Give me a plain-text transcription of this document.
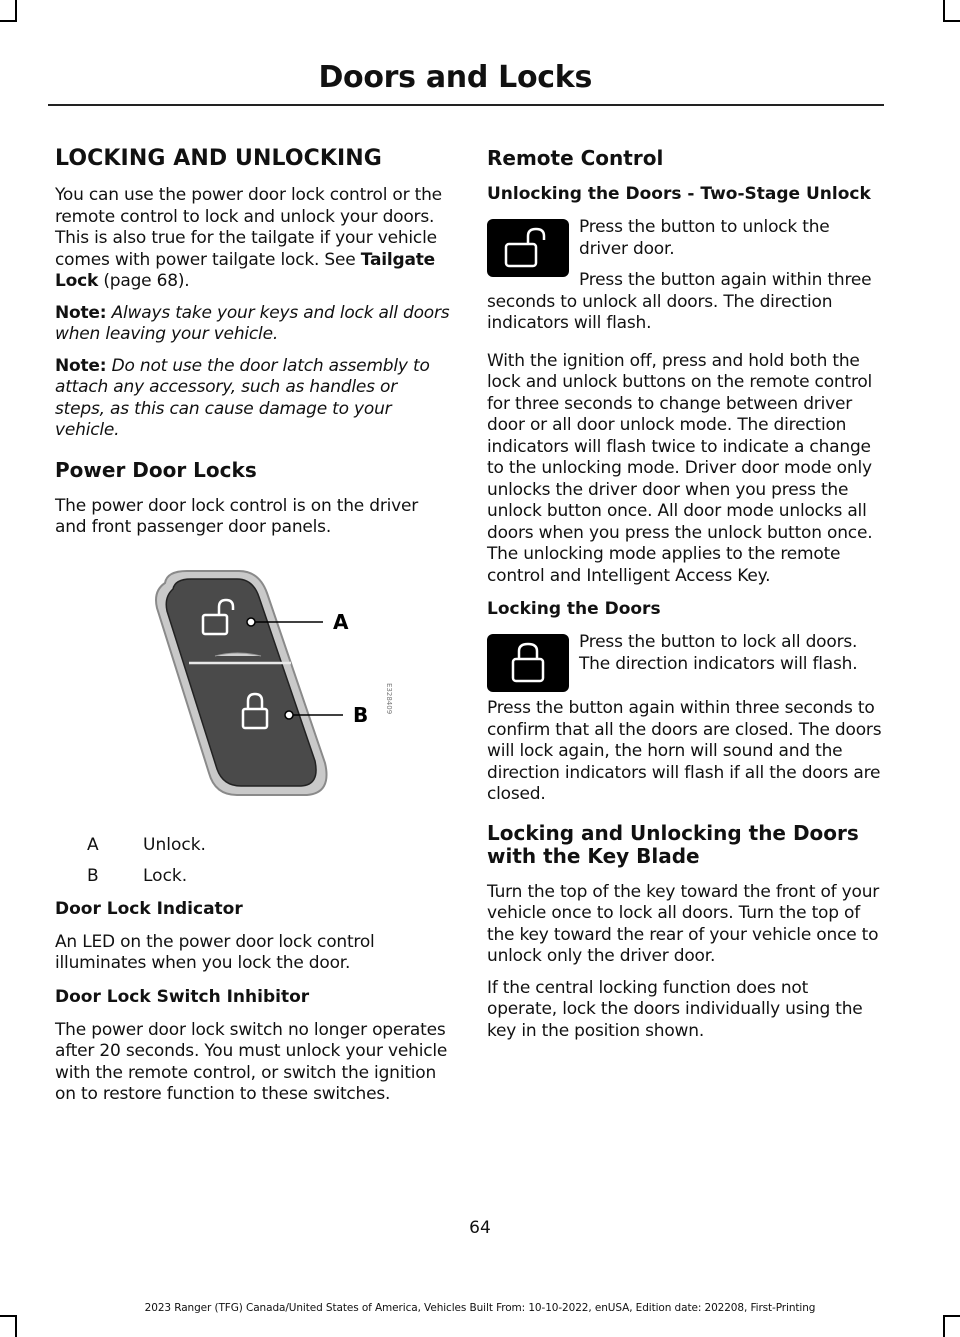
Doors and Locks
LOCKING AND UNLOCKING

You can use the power door lock control or the remote control to lock and unlock your doors. This is also true for the tailgate if your vehicle comes with power tailgate lock. See Tailgate Lock (page 68).

Note: Always take your keys and lock all doors when leaving your vehicle.

Note: Do not use the door latch assembly to attach any accessory, such as handles or steps, as this can cause damage to your vehicle.

Power Door Locks

The power door lock control is on the driver and front passenger door panels.

A
B
E328409
A	Unlock.
B	Lock.
Door Lock Indicator

An LED on the power door lock control illuminates when you lock the door.

Door Lock Switch Inhibitor

The power door lock switch no longer operates after 20 seconds. You must unlock your vehicle with the remote control, or switch the ignition on to restore function to these switches.

Remote Control
Unlocking the Doors - Two-Stage Unlock

Press the button to unlock the driver door.

Press the button again within three seconds to unlock all doors. The direction indicators will flash.

With the ignition off, press and hold both the lock and unlock buttons on the remote control for three seconds to change between driver door or all door unlock mode. The direction indicators will flash twice to indicate a change to the unlocking mode. Driver door mode only unlocks the driver door when you press the unlock button once. All door mode unlocks all doors when you press the unlock button once. The unlocking mode applies to the remote control and Intelligent Access Key.

Locking the Doors

Press the button to lock all doors. The direction indicators will flash.

Press the button again within three seconds to confirm that all the doors are closed. The doors will lock again, the horn will sound and the direction indicators will flash if all the doors are closed.

Locking and Unlocking the Doors with the Key Blade

Turn the top of the key toward the front of your vehicle once to lock all doors. Turn the top of the key toward the rear of your vehicle once to unlock only the driver door.

If the central locking function does not operate, lock the doors individually using the key in the position shown.

64
2023 Ranger (TFG) Canada/United States of America, Vehicles Built From: 10-10-2022, enUSA, Edition date: 202208, First-Printing
